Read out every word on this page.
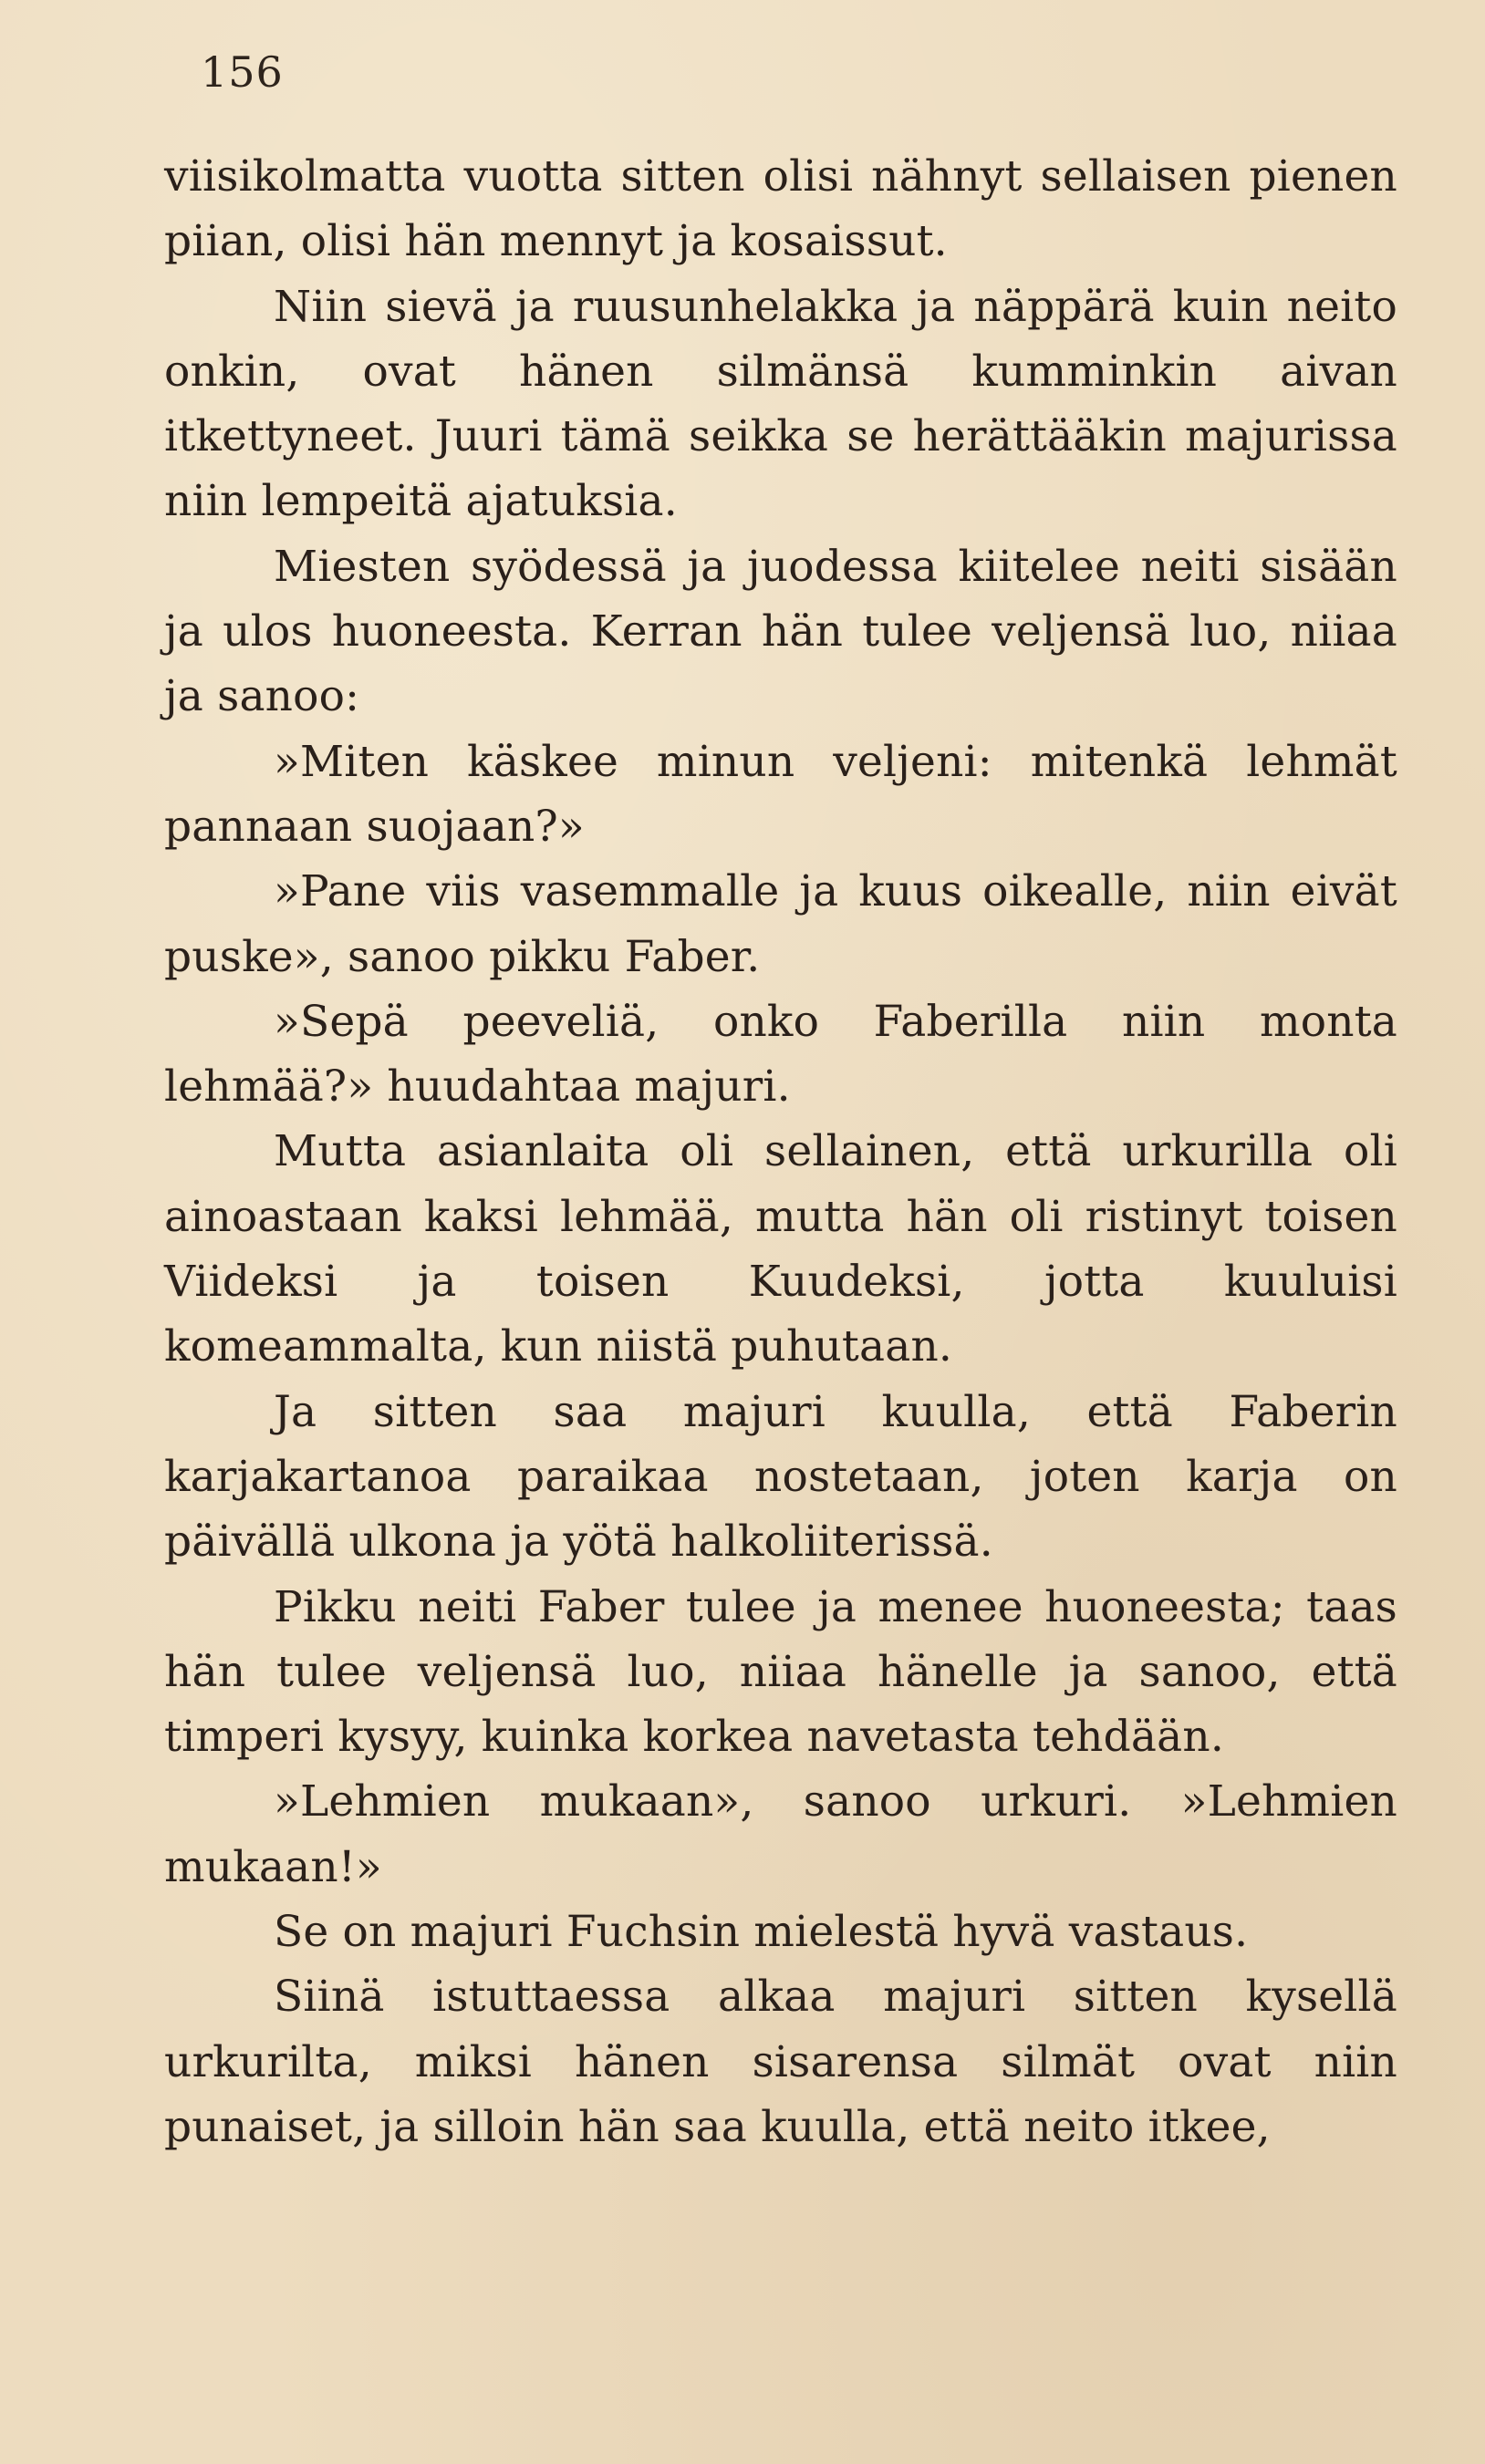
156

viisikolmatta vuotta sitten olisi nähnyt sellaisen pienen piian, olisi hän mennyt ja kosaissut.

Niin sievä ja ruusunhelakka ja näppärä kuin neito onkin, ovat hänen silmänsä kumminkin aivan itkettyneet. Juuri tämä seikka se herättääkin majurissa niin lempeitä ajatuksia.

Miesten syödessä ja juodessa kiitelee neiti sisään ja ulos huoneesta. Kerran hän tulee veljensä luo, niiaa ja sanoo:

»Miten käskee minun veljeni: mitenkä lehmät pannaan suojaan?»

»Pane viis vasemmalle ja kuus oikealle, niin eivät puske», sanoo pikku Faber.

»Sepä peeveliä, onko Faberilla niin monta lehmää?» huudahtaa majuri.

Mutta asianlaita oli sellainen, että urkurilla oli ainoastaan kaksi lehmää, mutta hän oli ristinyt toisen Viideksi ja toisen Kuudeksi, jotta kuuluisi komeammalta, kun niistä puhutaan.

Ja sitten saa majuri kuulla, että Faberin karjakartanoa paraikaa nostetaan, joten karja on päivällä ulkona ja yötä halkoliiterissä.

Pikku neiti Faber tulee ja menee huoneesta; taas hän tulee veljensä luo, niiaa hänelle ja sanoo, että timperi kysyy, kuinka korkea navetasta tehdään.

»Lehmien mukaan», sanoo urkuri. »Lehmien mukaan!»

Se on majuri Fuchsin mielestä hyvä vastaus.

Siinä istuttaessa alkaa majuri sitten kysellä urkurilta, miksi hänen sisarensa silmät ovat niin punaiset, ja silloin hän saa kuulla, että neito itkee,
